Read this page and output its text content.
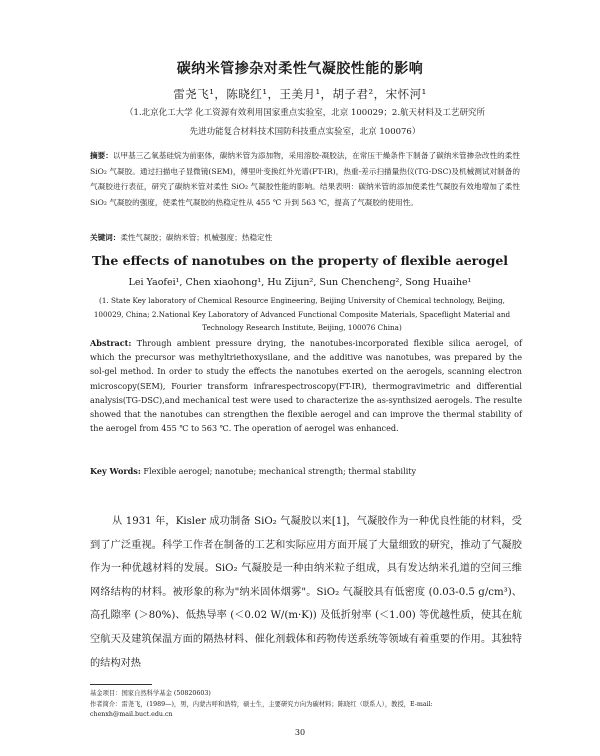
碳纳米管掺杂对柔性气凝胶性能的影响
雷尧飞¹，陈晓红¹，王美月¹，胡子君²，宋怀河¹
（1.北京化工大学 化工资源有效利用国家重点实验室，北京 100029；2.航天材料及工艺研究所
先进功能复合材料技术国防科技重点实验室，北京 100076）
摘要：以甲基三乙氧基硅烷为前驱体，碳纳米管为添加物，采用溶胶-凝胶法，在常压干燥条件下制备了碳纳米管掺杂改性的柔性 SiO₂ 气凝胶。通过扫描电子显微镜(SEM)，傅里叶变换红外光谱(FT-IR)，热重-差示扫描量热仪(TG-DSC)及机械测试对制备的气凝胶进行表征，研究了碳纳米管对柔性 SiO₂ 气凝胶性能的影响。结果表明：碳纳米管的添加使柔性气凝胶有效地增加了柔性 SiO₂ 气凝胶的强度，使柔性气凝胶的热稳定性从 455 ℃ 升到 563 ℃，提高了气凝胶的使用性。
关键词：柔性气凝胶；碳纳米管；机械强度；热稳定性
The effects of nanotubes on the property of flexible aerogel
Lei Yaofei¹, Chen xiaohong¹, Hu Zijun², Sun Chencheng², Song Huaihe¹
(1. State Key laboratory of Chemical Resource Engineering, Beijing University of Chemical technology, Beijing,
100029, China; 2.National Key Laboratory of Advanced Functional Composite Materials, Spaceflight Material and
Technology Research Institute, Beijing, 100076 China)
Abstract: Through ambient pressure drying, the nanotubes-incorporated flexible silica aerogel, of which the precursor was methyltriethoxysilane, and the additive was nanotubes, was prepared by the sol-gel method. In order to study the effects the nanotubes exerted on the aerogels, scanning electron microscopy(SEM), Fourier transform infrarespectroscopy(FT-IR), thermogravimetric and differential analysis(TG-DSC),and mechanical test were used to characterize the as-synthsized aerogels. The resulte showed that the nanotubes can strengthen the flexible aerogel and can improve the thermal stability of the aerogel from 455 ℃ to 563 ℃. The operation of aerogel was enhanced.
Key Words: Flexible aerogel; nanotube; mechanical strength; thermal stability

从 1931 年，Kisler 成功制备 SiO₂ 气凝胶以来[1]，气凝胶作为一种优良性能的材料，受到了广泛重视。科学工作者在制备的工艺和实际应用方面开展了大量细致的研究，推动了气凝胶作为一种优越材料的发展。SiO₂ 气凝胶是一种由纳米粒子组成，具有发达纳米孔道的空间三维网络结构的材料。被形象的称为"纳米固体烟雾"。SiO₂ 气凝胶具有低密度 (0.03-0.5 g/cm³)、高孔隙率 (＞80%)、低热导率 (＜0.02 W/(m·K)) 及低折射率 (＜1.00) 等优越性质，使其在航空航天及建筑保温方面的隔热材料、催化剂载体和药物传送系统等领域有着重要的作用。其独特的结构对热

基金项目：国家自然科学基金 (50820603)
作者简介：雷尧飞，(1989—)，男，内蒙古呼和浩特，硕士生，主要研究方向为碳材料；陈晓红（联系人），教授，E-mail:
chenxh@mail.buct.edu.cn
30
